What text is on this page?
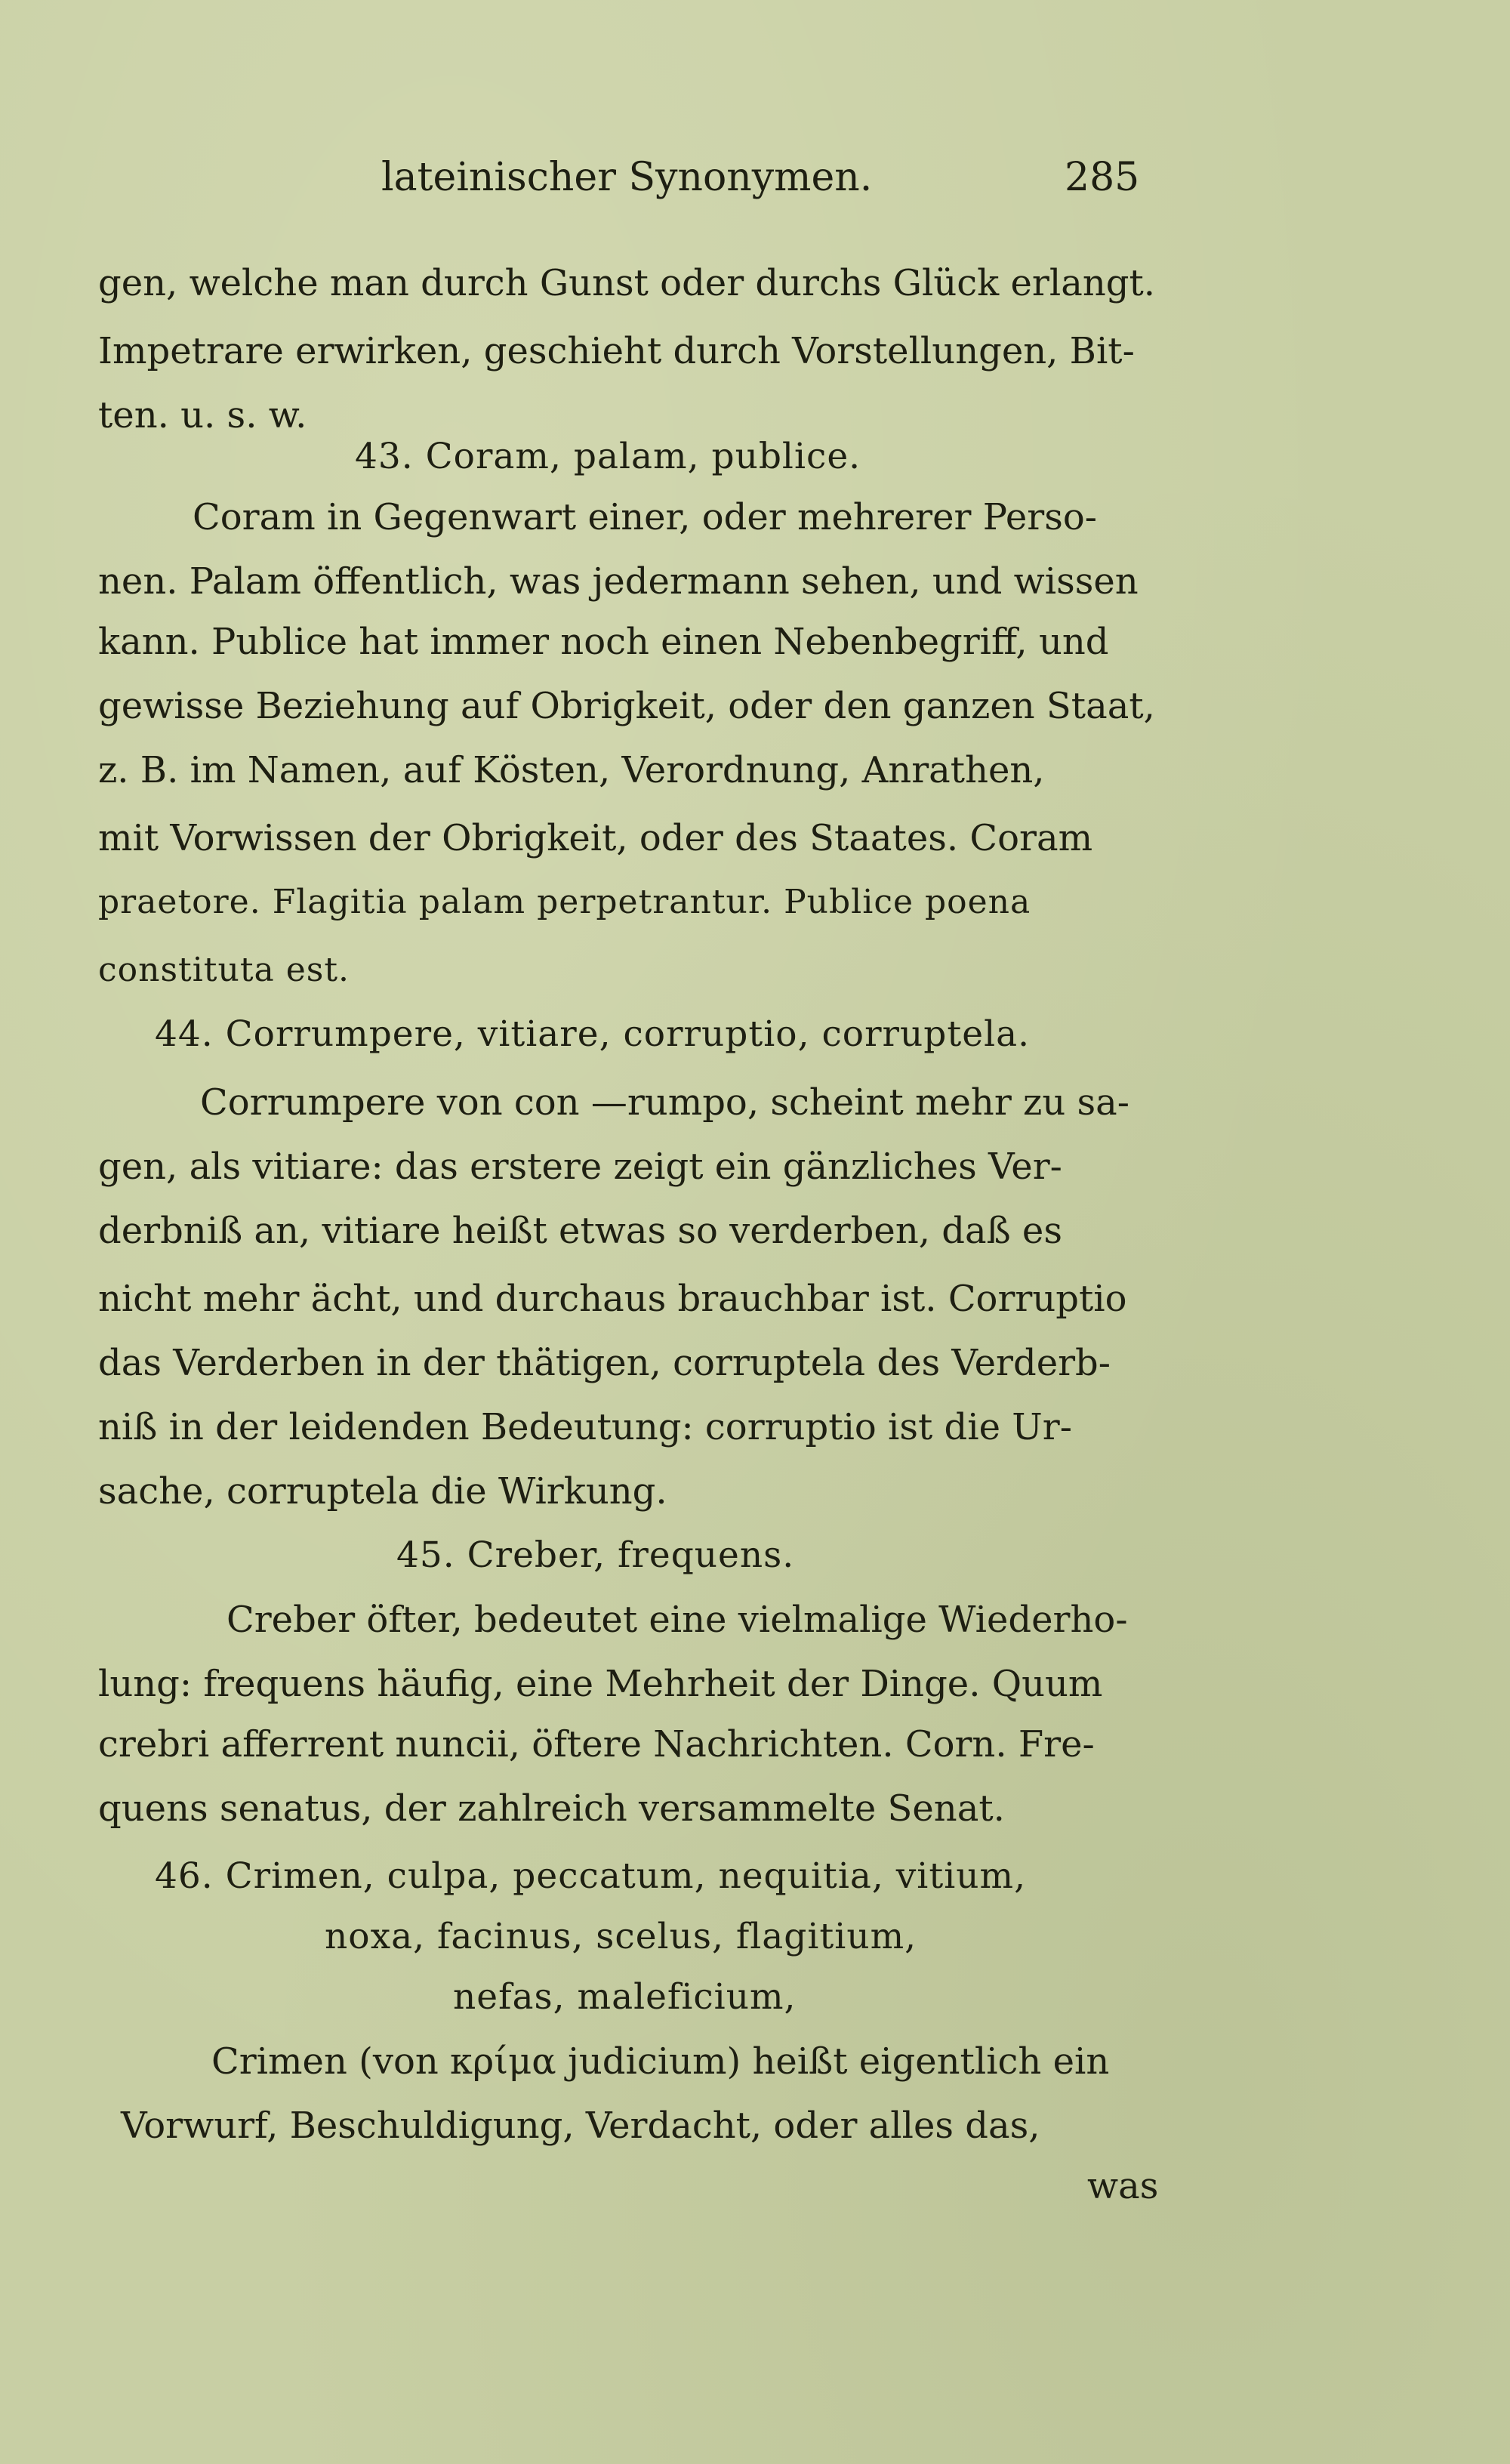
lateinischer Synonymen.	285
gen, welche man durch Gunst oder durchs Glück erlangt.
Impetrare erwirken, geschieht durch Vorstellungen, Bit-
ten. u. s. w.
43. Coram, palam, publice.
Coram in Gegenwart einer, oder mehrerer Perso-
nen. Palam öffentlich, was jedermann sehen, und wissen
kann. Publice hat immer noch einen Nebenbegriff, und
gewisse Beziehung auf Obrigkeit, oder den ganzen Staat,
z. B. im Namen, auf Kösten, Verordnung, Anrathen,
mit Vorwissen der Obrigkeit, oder des Staates. Coram
praetore. Flagitia palam perpetrantur. Publice poena
constituta est.
44. Corrumpere, vitiare, corruptio, corruptela.
Corrumpere von con —rumpo, scheint mehr zu sa-
gen, als vitiare: das erstere zeigt ein gänzliches Ver-
derbniß an, vitiare heißt etwas so verderben, daß es
nicht mehr ächt, und durchaus brauchbar ist. Corruptio
das Verderben in der thätigen, corruptela des Verderb-
niß in der leidenden Bedeutung: corruptio ist die Ur-
sache, corruptela die Wirkung.
45. Creber, frequens.
Creber öfter, bedeutet eine vielmalige Wiederho-
lung: frequens häufig, eine Mehrheit der Dinge. Quum
crebri afferrent nuncii, öftere Nachrichten. Corn. Fre-
quens senatus, der zahlreich versammelte Senat.
46. Crimen, culpa, peccatum, nequitia, vitium,
noxa, facinus, scelus, flagitium,
nefas, maleficium,
Crimen (von κρίμα judicium) heißt eigentlich ein
Vorwurf, Beschuldigung, Verdacht, oder alles das,
was
